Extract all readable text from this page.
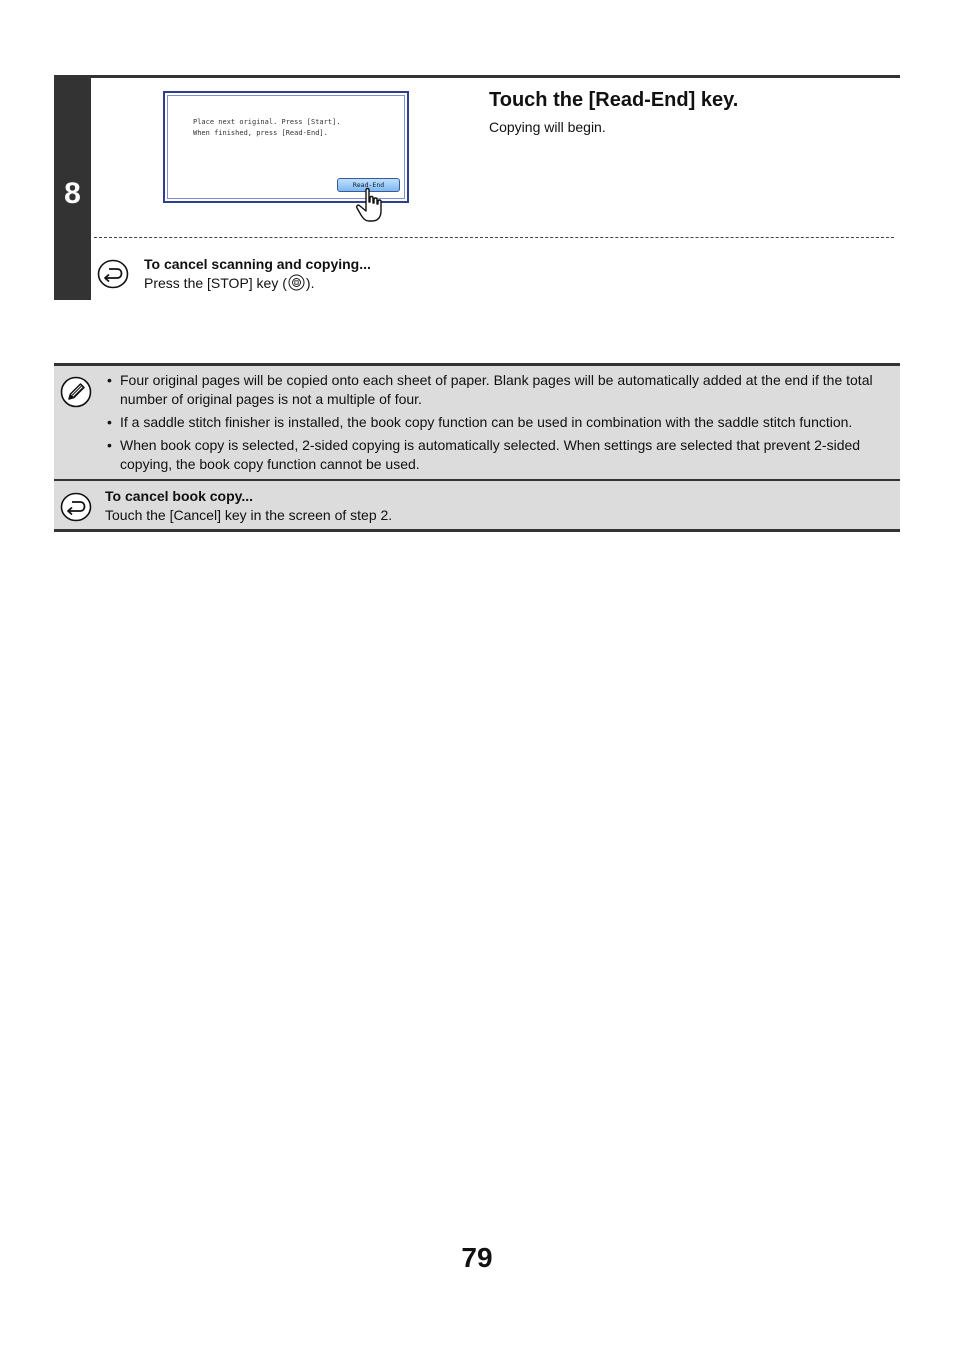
8
Place next original. Press [Start].
When finished, press [Read-End].
Read-End
Touch the [Read-End] key.
Copying will begin.
To cancel scanning and copying...
Press the [STOP] key ( ).
• Four original pages will be copied onto each sheet of paper. Blank pages will be automatically added at the end if the total number of original pages is not a multiple of four.
• If a saddle stitch finisher is installed, the book copy function can be used in combination with the saddle stitch function.
• When book copy is selected, 2-sided copying is automatically selected. When settings are selected that prevent 2-sided copying, the book copy function cannot be used.
To cancel book copy...
Touch the [Cancel] key in the screen of step 2.
79
